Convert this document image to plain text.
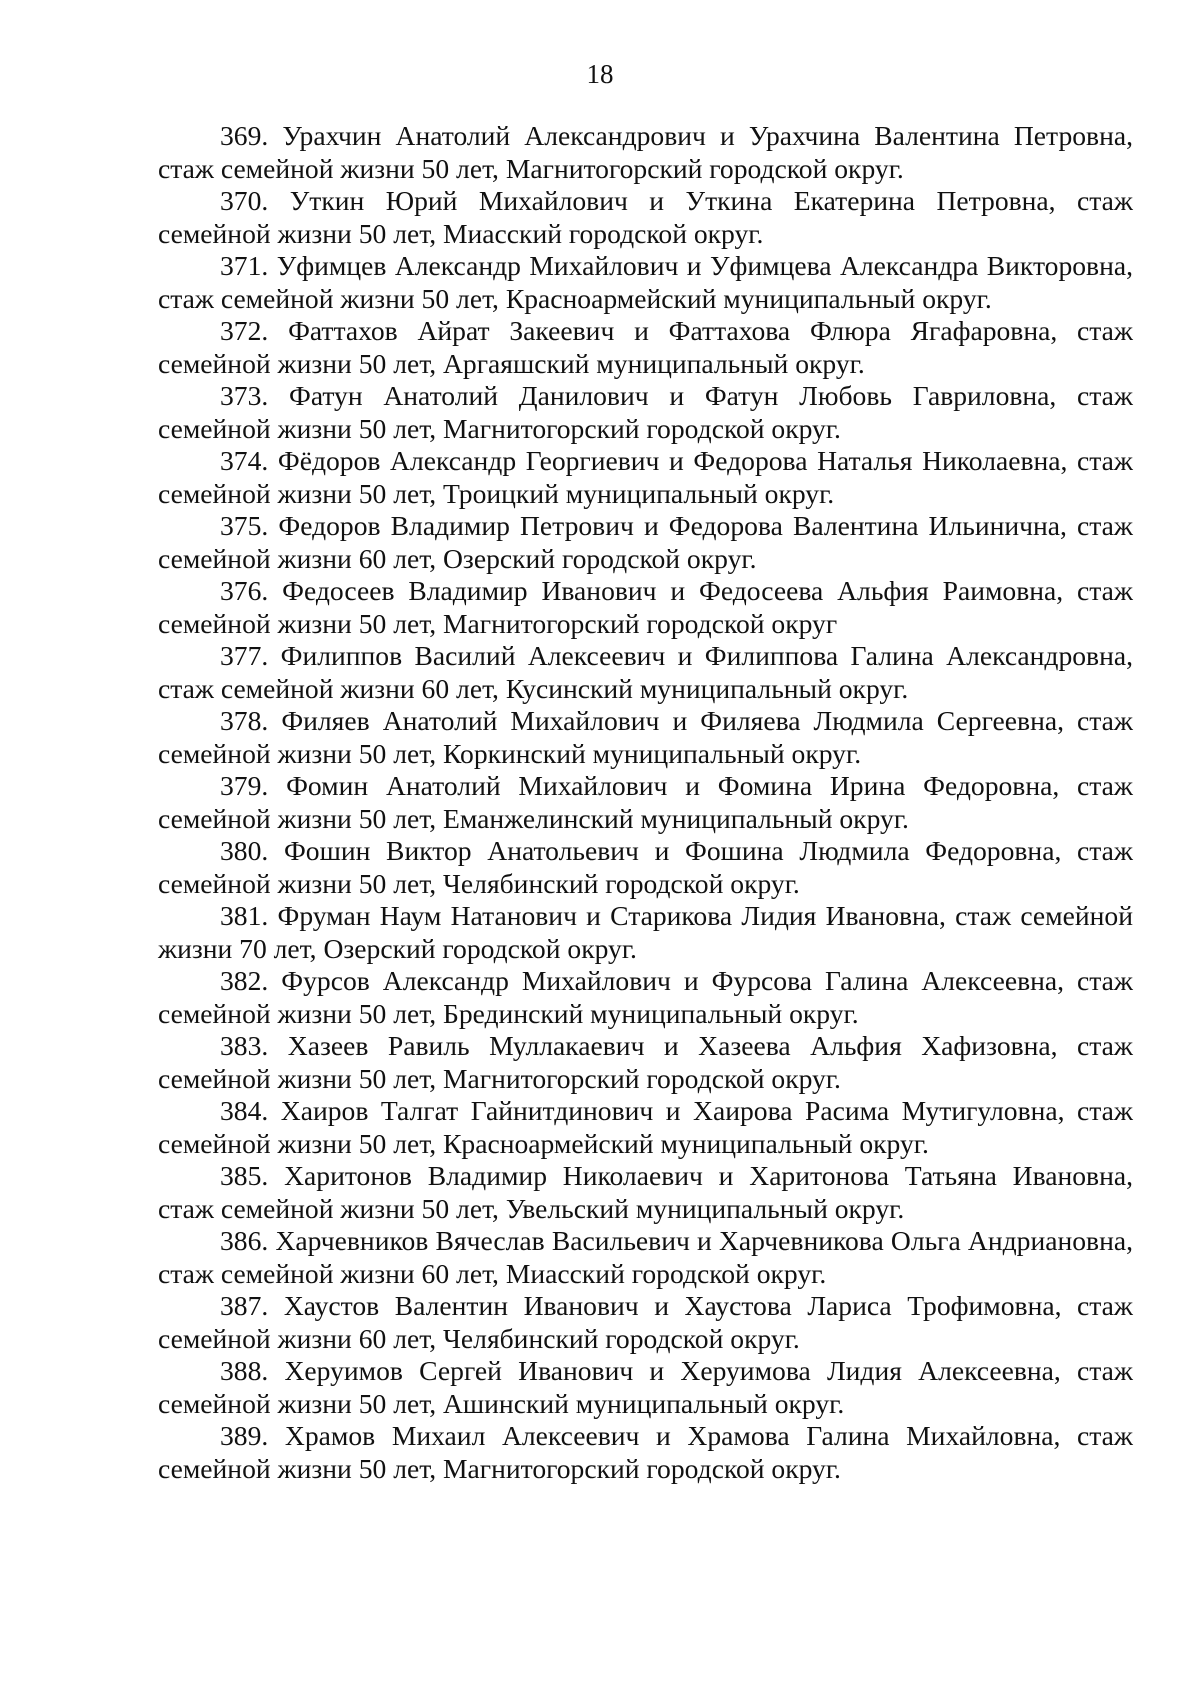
18

369. Урахчин Анатолий Александрович и Урахчина Валентина Петровна, стаж семейной жизни 50 лет, Магнитогорский городской округ.

370. Уткин Юрий Михайлович и Уткина Екатерина Петровна, стаж семейной жизни 50 лет, Миасский городской округ.

371. Уфимцев Александр Михайлович и Уфимцева Александра Викторовна, стаж семейной жизни 50 лет, Красноармейский муниципальный округ.

372. Фаттахов Айрат Закеевич и Фаттахова Флюра Ягафаровна, стаж семейной жизни 50 лет, Аргаяшский муниципальный округ.

373. Фатун Анатолий Данилович и Фатун Любовь Гавриловна, стаж семейной жизни 50 лет, Магнитогорский городской округ.

374. Фёдоров Александр Георгиевич и Федорова Наталья Николаевна, стаж семейной жизни 50 лет, Троицкий муниципальный округ.

375. Федоров Владимир Петрович и Федорова Валентина Ильинична, стаж семейной жизни 60 лет, Озерский городской округ.

376. Федосеев Владимир Иванович и Федосеева Альфия Раимовна, стаж семейной жизни 50 лет, Магнитогорский городской округ

377. Филиппов Василий Алексеевич и Филиппова Галина Александровна, стаж семейной жизни 60 лет, Кусинский муниципальный округ.

378. Филяев Анатолий Михайлович и Филяева Людмила Сергеевна, стаж семейной жизни 50 лет, Коркинский муниципальный округ.

379. Фомин Анатолий Михайлович и Фомина Ирина Федоровна, стаж семейной жизни 50 лет, Еманжелинский муниципальный округ.

380. Фошин Виктор Анатольевич и Фошина Людмила Федоровна, стаж семейной жизни 50 лет, Челябинский городской округ.

381. Фруман Наум Натанович и Старикова Лидия Ивановна, стаж семейной жизни 70 лет, Озерский городской округ.

382. Фурсов Александр Михайлович и Фурсова Галина Алексеевна, стаж семейной жизни 50 лет, Брединский муниципальный округ.

383. Хазеев Равиль Муллакаевич и Хазеева Альфия Хафизовна, стаж семейной жизни 50 лет, Магнитогорский городской округ.

384. Хаиров Талгат Гайнитдинович и Хаирова Расима Мутигуловна, стаж семейной жизни 50 лет, Красноармейский муниципальный округ.

385. Харитонов Владимир Николаевич и Харитонова Татьяна Ивановна, стаж семейной жизни 50 лет, Увельский муниципальный округ.

386. Харчевников Вячеслав Васильевич и Харчевникова Ольга Андриановна, стаж семейной жизни 60 лет, Миасский городской округ.

387. Хаустов Валентин Иванович и Хаустова Лариса Трофимовна, стаж семейной жизни 60 лет, Челябинский городской округ.

388. Херуимов Сергей Иванович и Херуимова Лидия Алексеевна, стаж семейной жизни 50 лет, Ашинский муниципальный округ.

389. Храмов Михаил Алексеевич и Храмова Галина Михайловна, стаж семейной жизни 50 лет, Магнитогорский городской округ.
